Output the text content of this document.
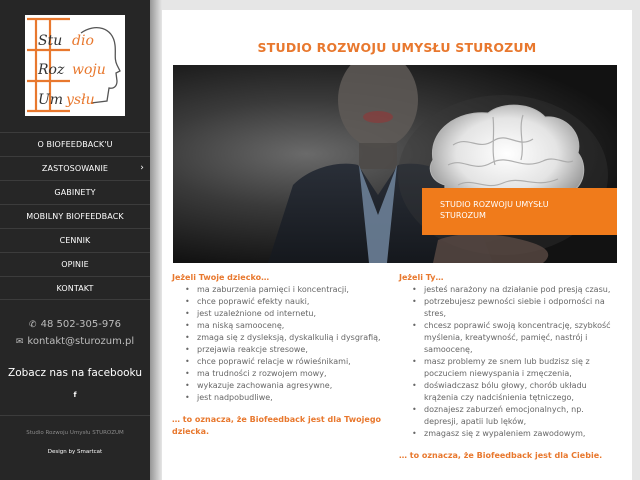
Stu dio
Roz woju
Um ysłu
O BIOFEEDBACK'U
ZASTOSOWANIE	›
GABINETY
MOBILNY BIOFEEDBACK
CENNIK
OPINIE
KONTAKT
✆ 48 502-305-976
✉ kontakt@sturozum.pl
Zobacz nas na facebooku
f
Studio Rozwoju Umysłu STUROZUM
Design by Smartcat
STUDIO ROZWOJU UMYSŁU STUROZUM
STUDIO ROZWOJU UMYSŁU
STUROZUM
Jeżeli Twoje dziecko…
• ma zaburzenia pamięci i koncentracji,
• chce poprawić efekty nauki,
• jest uzależnione od internetu,
• ma niską samoocenę,
• zmaga się z dysleksją, dyskalkulią i dysgrafią,
• przejawia reakcje stresowe,
• chce poprawić relacje w rówieśnikami,
• ma trudności z rozwojem mowy,
• wykazuje zachowania agresywne,
• jest nadpobudliwe,
… to oznacza, że Biofeedback jest dla Twojego
dziecka.
Jeżeli Ty…
• jesteś narażony na działanie pod presją czasu,
• potrzebujesz pewności siebie i odporności na
stres,
• chcesz poprawić swoją koncentrację, szybkość
myślenia, kreatywność, pamięć, nastrój i
samoocenę,
• masz problemy ze snem lub budzisz się z
poczuciem niewyspania i zmęczenia,
• doświadczasz bólu głowy, chorób układu
krążenia czy nadciśnienia tętniczego,
• doznajesz zaburzeń emocjonalnych, np.
depresji, apatii lub lęków,
• zmagasz się z wypaleniem zawodowym,
… to oznacza, że Biofeedback jest dla Ciebie.
